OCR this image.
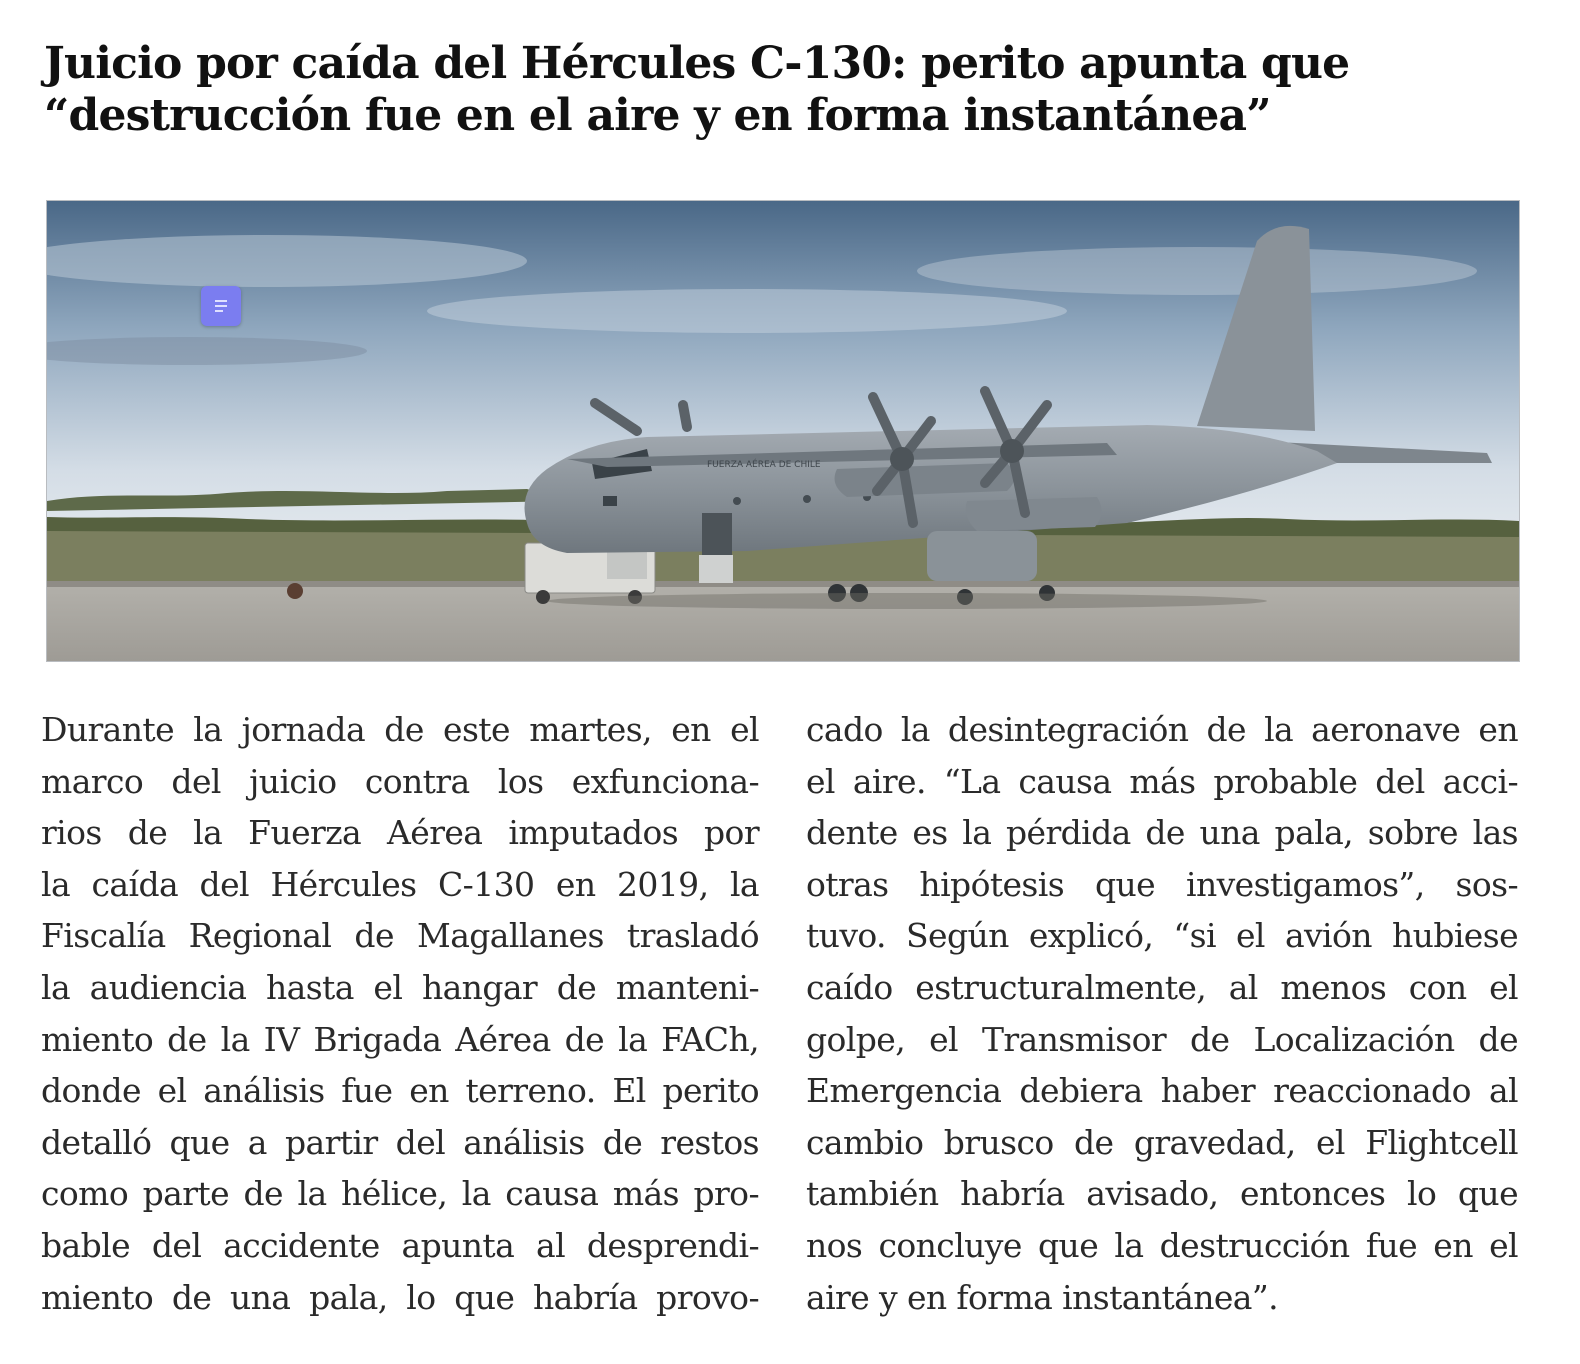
Juicio por caída del Hércules C-130: perito apunta que
“destrucción fue en el aire y en forma instantánea”
FUERZA AÉREA DE CHILE
Durante la jornada de este martes, en el
marco del juicio contra los exfunciona-
rios de la Fuerza Aérea imputados por
la caída del Hércules C-130 en 2019, la
Fiscalía Regional de Magallanes trasladó
la audiencia hasta el hangar de manteni-
miento de la IV Brigada Aérea de la FACh,
donde el análisis fue en terreno. El perito
detalló que a partir del análisis de restos
como parte de la hélice, la causa más pro-
bable del accidente apunta al desprendi-
miento de una pala, lo que habría provo-
cado la desintegración de la aeronave en
el aire. “La causa más probable del acci-
dente es la pérdida de una pala, sobre las
otras hipótesis que investigamos”, sos-
tuvo. Según explicó, “si el avión hubiese
caído estructuralmente, al menos con el
golpe, el Transmisor de Localización de
Emergencia debiera haber reaccionado al
cambio brusco de gravedad, el Flightcell
también habría avisado, entonces lo que
nos concluye que la destrucción fue en el
aire y en forma instantánea”.
